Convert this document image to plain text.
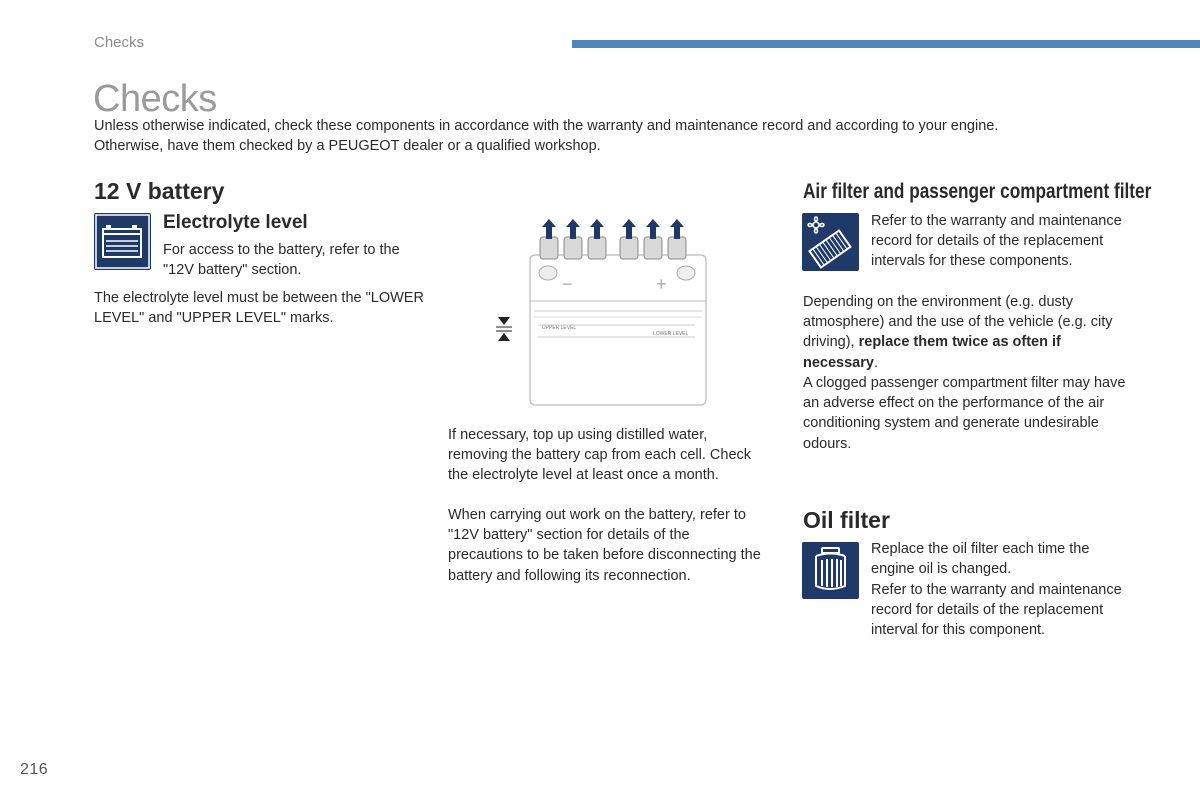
Checks
Checks

Unless otherwise indicated, check these components in accordance with the warranty and maintenance record and according to your engine.

Otherwise, have them checked by a PEUGEOT dealer or a qualified workshop.

12 V battery
Electrolyte level
For access to the battery, refer to the "12V battery" section.
The electrolyte level must be between the "LOWER LEVEL" and "UPPER LEVEL" marks.
−	+
UPPER LEVEL
LOWER LEVEL
If necessary, top up using distilled water, removing the battery cap from each cell. Check the electrolyte level at least once a month.
When carrying out work on the battery, refer to "12V battery" section for details of the precautions to be taken before disconnecting the battery and following its reconnection.
Air filter and passenger compartment filter
Refer to the warranty and maintenance record for details of the replacement intervals for these components.
Depending on the environment (e.g. dusty atmosphere) and the use of the vehicle (e.g. city driving), replace them twice as often if necessary.
A clogged passenger compartment filter may have an adverse effect on the performance of the air conditioning system and generate undesirable odours.
Oil filter
Replace the oil filter each time the engine oil is changed.
Refer to the warranty and maintenance record for details of the replacement interval for this component.
216
